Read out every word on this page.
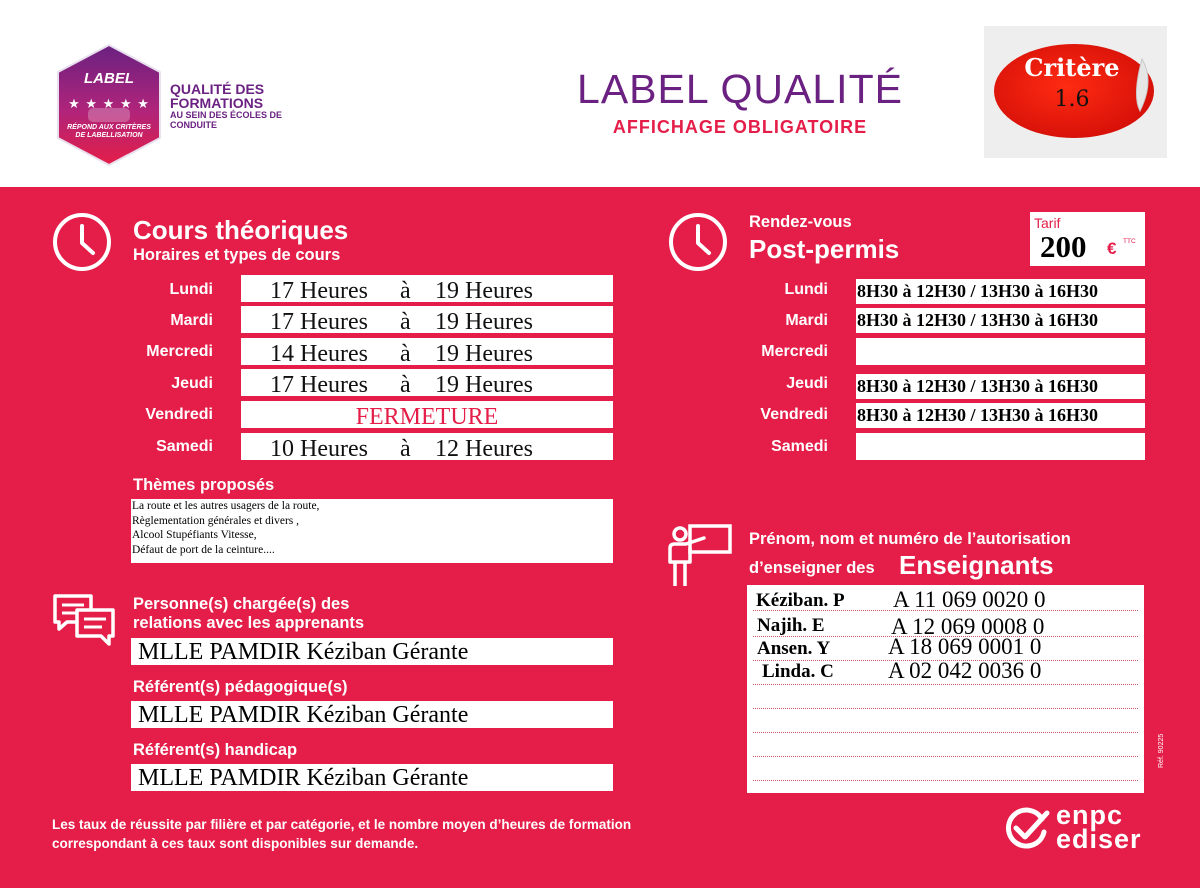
LABEL
★ ★ ★ ★ ★
RÉPOND AUX CRITÈRES DE LABELLISATION
QUALITÉ DES FORMATIONS
AU SEIN DES ÉCOLES DE CONDUITE
LABEL QUALITÉ
AFFICHAGE OBLIGATOIRE
Critère
1.6
Cours théoriques
Horaires et types de cours
Lundi 17 Heures à 19 Heures
Mardi 17 Heures à 19 Heures
Mercredi 14 Heures à 19 Heures
Jeudi 17 Heures à 19 Heures
Vendredi	FERMETURE
Samedi 10 Heures à 12 Heures
Thèmes proposés
La route et les autres usagers de la route,
Règlementation générales et divers ,
Alcool Stupéfiants Vitesse,
Défaut de port de la ceinture....
Personne(s) chargée(s) des
relations avec les apprenants
MLLE PAMDIR Kéziban Gérante
Référent(s) pédagogique(s)
MLLE PAMDIR Kéziban Gérante
Référent(s) handicap
MLLE PAMDIR Kéziban Gérante
Rendez-vous
Post-permis
Tarif
200 € TTC
Lundi 8H30 à 12H30 / 13H30 à 16H30
Mardi 8H30 à 12H30 / 13H30 à 16H30
Mercredi
Jeudi 8H30 à 12H30 / 13H30 à 16H30
Vendredi 8H30 à 12H30 / 13H30 à 16H30
Samedi
Prénom, nom et numéro de l’autorisation
d’enseigner des Enseignants
Kéziban. P A 11 069 0020 0
Najih. E	A 12 069 0008 0
Ansen. Y	A 18 069 0001 0
Linda. C A 02 042 0036 0
Les taux de réussite par filière et par catégorie, et le nombre moyen d’heures de formation
correspondant à ces taux sont disponibles sur demande.
Réf. 90225
enpc
ediser
